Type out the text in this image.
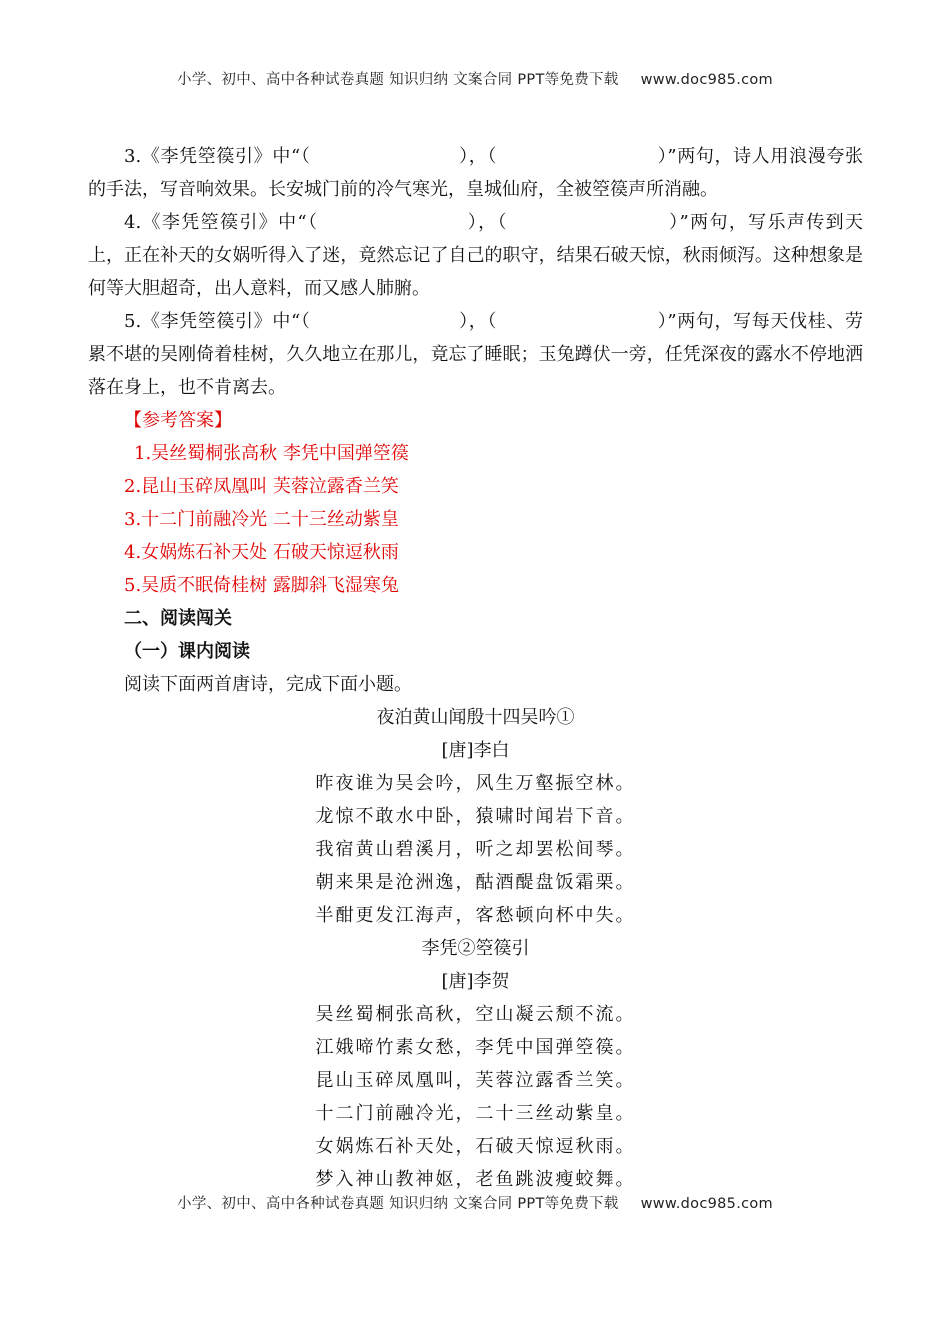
小学、初中、高中各种试卷真题 知识归纳 文案合同 PPT等免费下载 www.doc985.com

3.《李凭箜篌引》中“（	），（	）”两句，诗人用浪漫夸张的手法，写音响效果。长安城门前的冷气寒光，皇城仙府，全被箜篌声所消融。

4.《李凭箜篌引》中“（	），（	）”两句，写乐声传到天上，正在补天的女娲听得入了迷，竟然忘记了自己的职守，结果石破天惊，秋雨倾泻。这种想象是何等大胆超奇，出人意料，而又感人肺腑。

5.《李凭箜篌引》中“（	），（	）”两句，写每天伐桂、劳累不堪的吴刚倚着桂树，久久地立在那儿，竟忘了睡眠；玉兔蹲伏一旁，任凭深夜的露水不停地洒落在身上，也不肯离去。

【参考答案】

1.吴丝蜀桐张高秋 李凭中国弹箜篌

2.昆山玉碎凤凰叫 芙蓉泣露香兰笑

3.十二门前融冷光 二十三丝动紫皇

4.女娲炼石补天处 石破天惊逗秋雨

5.吴质不眠倚桂树 露脚斜飞湿寒兔

二、阅读闯关

（一）课内阅读

阅读下面两首唐诗，完成下面小题。

夜泊黄山闻殷十四吴吟①

[唐]李白

昨夜谁为吴会吟，风生万壑振空林。

龙惊不敢水中卧，猿啸时闻岩下音。

我宿黄山碧溪月，听之却罢松间琴。

朝来果是沧洲逸，酤酒醍盘饭霜栗。

半酣更发江海声，客愁顿向杯中失。

李凭②箜篌引

[唐]李贺

吴丝蜀桐张高秋，空山凝云颓不流。

江娥啼竹素女愁，李凭中国弹箜篌。

昆山玉碎凤凰叫，芙蓉泣露香兰笑。

十二门前融冷光，二十三丝动紫皇。

女娲炼石补天处，石破天惊逗秋雨。

梦入神山教神妪，老鱼跳波瘦蛟舞。

小学、初中、高中各种试卷真题 知识归纳 文案合同 PPT等免费下载 www.doc985.com
